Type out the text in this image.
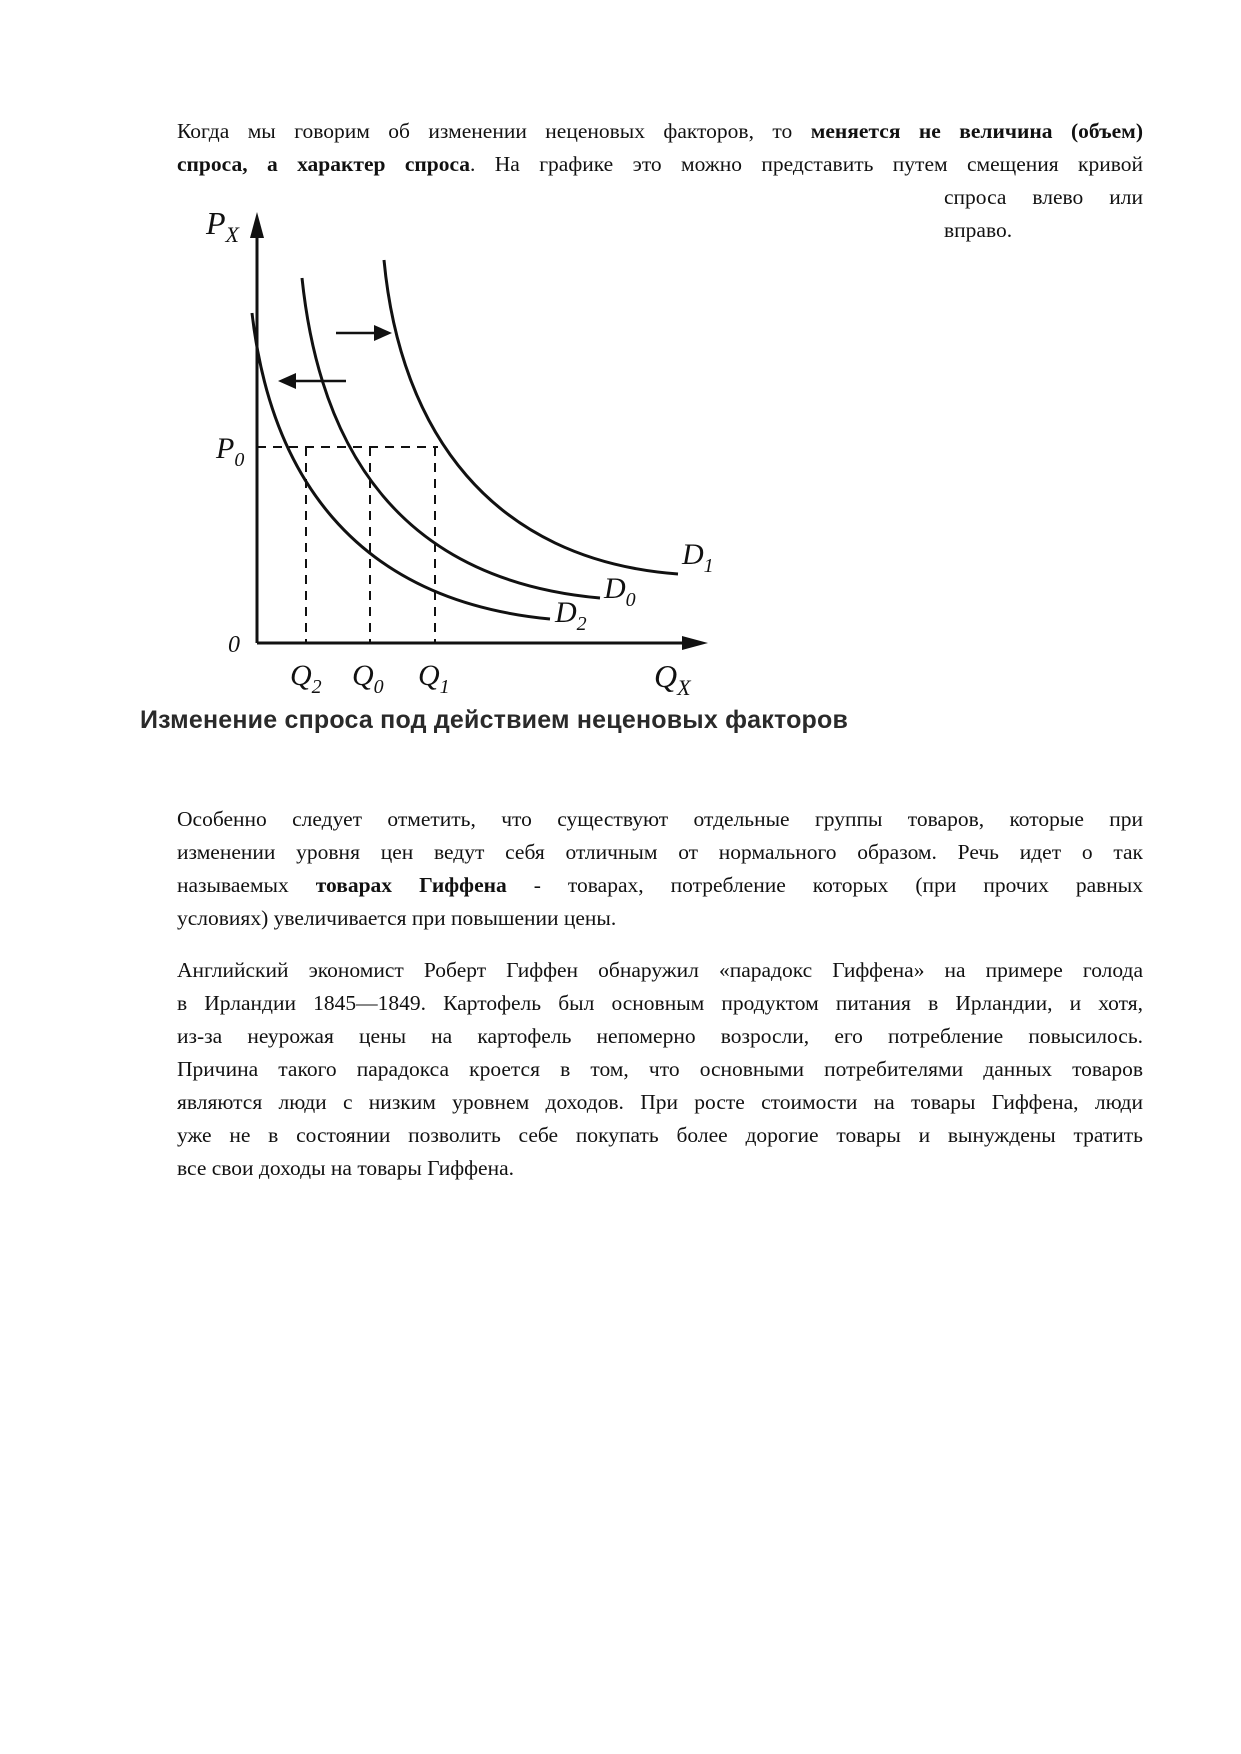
Когда мы говорим об изменении неценовых факторов, то меняется не величина (объем)
спроса, а характер спроса. На графике это можно представить путем смещения кривой
спроса влево или
вправо.
$P_X$
$P_0$
0
$Q_2$ $Q_0$ $Q_1$	$Q_X$
$D_1$
$D_0$
$D_2$
Изменение спроса под действием неценовых факторов
Особенно следует отметить, что существуют отдельные группы товаров, которые при
изменении уровня цен ведут себя отличным от нормального образом. Речь идет о так
называемых товарах Гиффена - товарах, потребление которых (при прочих равных
условиях) увеличивается при повышении цены.
Английский экономист Роберт Гиффен обнаружил «парадокс Гиффена» на примере голода
в Ирландии 1845—1849. Картофель был основным продуктом питания в Ирландии, и хотя,
из-за неурожая цены на картофель непомерно возросли, его потребление повысилось.
Причина такого парадокса кроется в том, что основными потребителями данных товаров
являются люди с низким уровнем доходов. При росте стоимости на товары Гиффена, люди
уже не в состоянии позволить себе покупать более дорогие товары и вынуждены тратить
все свои доходы на товары Гиффена.
